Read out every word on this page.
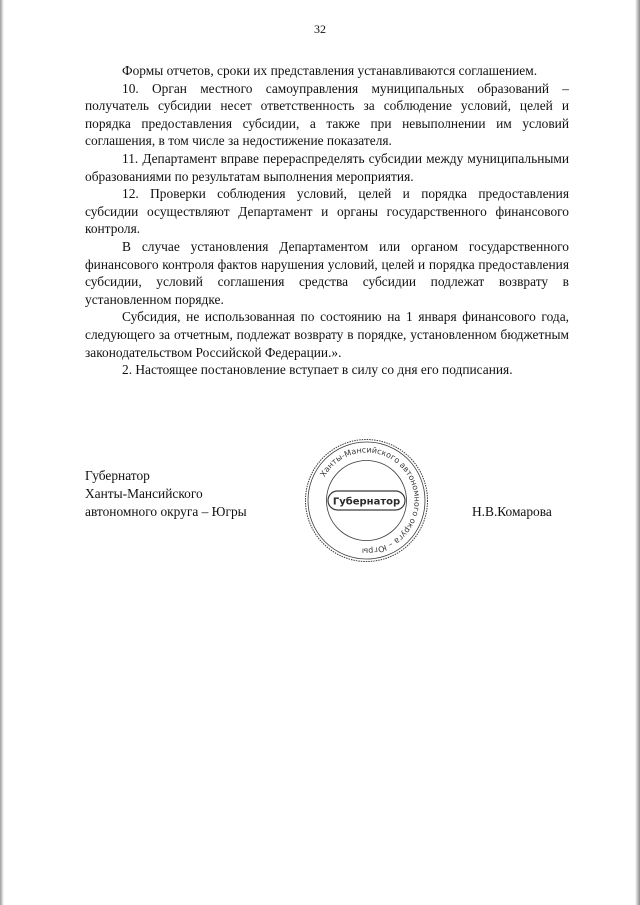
32

Формы отчетов, сроки их представления устанавливаются соглашением.

10. Орган местного самоуправления муниципальных образований – получатель субсидии несет ответственность за соблюдение условий, целей и порядка предоставления субсидии, а также при невыполнении им условий соглашения, в том числе за недостижение показателя.

11. Департамент вправе перераспределять субсидии между муниципальными образованиями по результатам выполнения мероприятия.

12. Проверки соблюдения условий, целей и порядка предоставления субсидии осуществляют Департамент и органы государственного финансового контроля.

В случае установления Департаментом или органом государственного финансового контроля фактов нарушения условий, целей и порядка предоставления субсидии, условий соглашения средства субсидии подлежат возврату в установленном порядке.

Субсидия, не использованная по состоянию на 1 января финансового года, следующего за отчетным, подлежат возврату в порядке, установленном бюджетным законодательством Российской Федерации.».

2. Настоящее постановление вступает в силу со дня его подписания.

Губернатор
Ханты-Мансийского
автономного округа – Югры	Н.В.Комарова
Ханты-Мансийского автономного округа – Югры
Губернатор
